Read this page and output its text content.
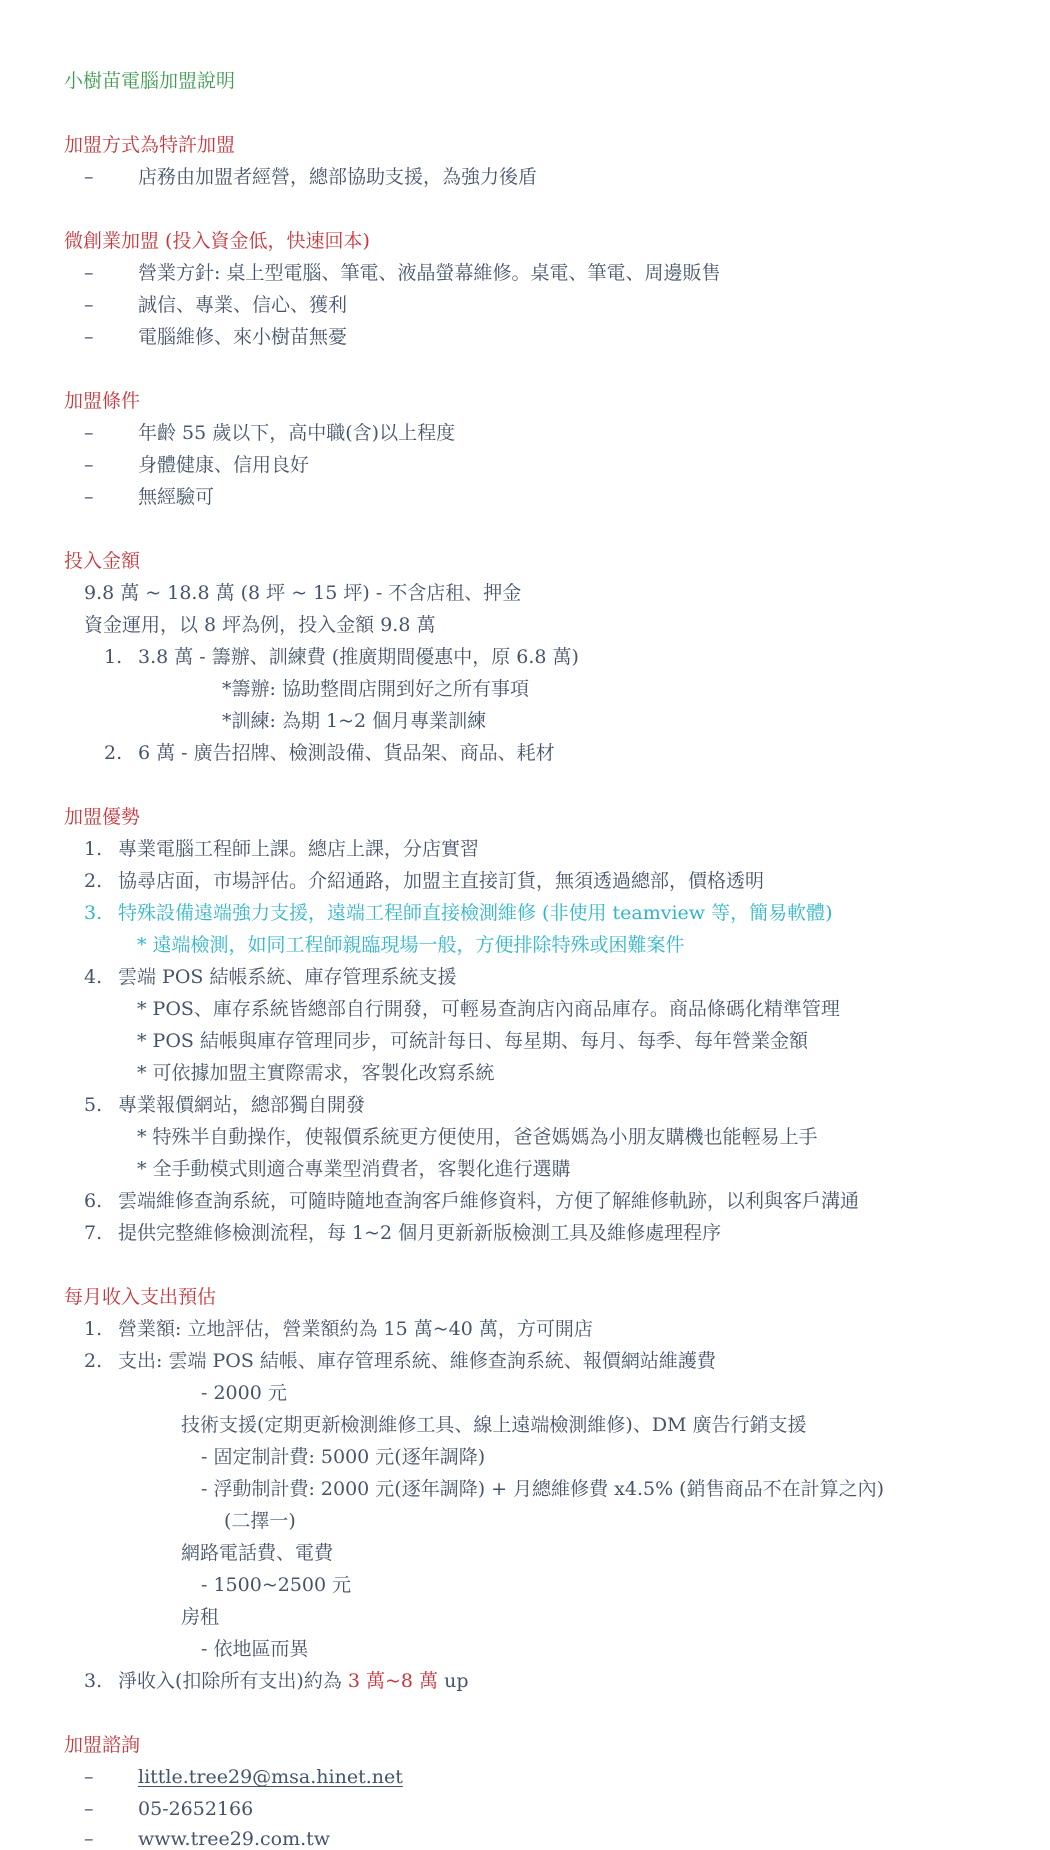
小樹苗電腦加盟說明
加盟方式為特許加盟
– 店務由加盟者經營，總部協助支援，為強力後盾
微創業加盟 (投入資金低，快速回本)
– 營業方針: 桌上型電腦、筆電、液晶螢幕維修。桌電、筆電、周邊販售
– 誠信、專業、信心、獲利
– 電腦維修、來小樹苗無憂
加盟條件
– 年齡 55 歲以下，高中職(含)以上程度
– 身體健康、信用良好
– 無經驗可
投入金額
9.8 萬 ~ 18.8 萬 (8 坪 ~ 15 坪) - 不含店租、押金
資金運用，以 8 坪為例，投入金額 9.8 萬
1. 3.8 萬 - 籌辦、訓練費 (推廣期間優惠中，原 6.8 萬)
*籌辦: 協助整間店開到好之所有事項
*訓練: 為期 1~2 個月專業訓練
2. 6 萬 - 廣告招牌、檢測設備、貨品架、商品、耗材
加盟優勢
1. 專業電腦工程師上課。總店上課，分店實習
2. 協尋店面，市場評估。介紹通路，加盟主直接訂貨，無須透過總部，價格透明
3. 特殊設備遠端強力支援，遠端工程師直接檢測維修 (非使用 teamview 等，簡易軟體)
* 遠端檢測，如同工程師親臨現場一般，方便排除特殊或困難案件
4. 雲端 POS 結帳系統、庫存管理系統支援
* POS、庫存系統皆總部自行開發，可輕易查詢店內商品庫存。商品條碼化精準管理
* POS 結帳與庫存管理同步，可統計每日、每星期、每月、每季、每年營業金額
* 可依據加盟主實際需求，客製化改寫系統
5. 專業報價網站，總部獨自開發
* 特殊半自動操作，使報價系統更方便使用，爸爸媽媽為小朋友購機也能輕易上手
* 全手動模式則適合專業型消費者，客製化進行選購
6. 雲端維修查詢系統，可隨時隨地查詢客戶維修資料，方便了解維修軌跡，以利與客戶溝通
7. 提供完整維修檢測流程，每 1~2 個月更新新版檢測工具及維修處理程序
每月收入支出預估
1. 營業額: 立地評估，營業額約為 15 萬~40 萬，方可開店
2. 支出: 雲端 POS 結帳、庫存管理系統、維修查詢系統、報價網站維護費
- 2000 元
技術支援(定期更新檢測維修工具、線上遠端檢測維修)、DM 廣告行銷支援
- 固定制計費: 5000 元(逐年調降)
- 浮動制計費: 2000 元(逐年調降) + 月總維修費 x4.5% (銷售商品不在計算之內)
(二擇一)
網路電話費、電費
- 1500~2500 元
房租
- 依地區而異
3. 淨收入(扣除所有支出)約為 3 萬~8 萬 up
加盟諮詢
– little.tree29@msa.hinet.net
– 05-2652166
– www.tree29.com.tw
